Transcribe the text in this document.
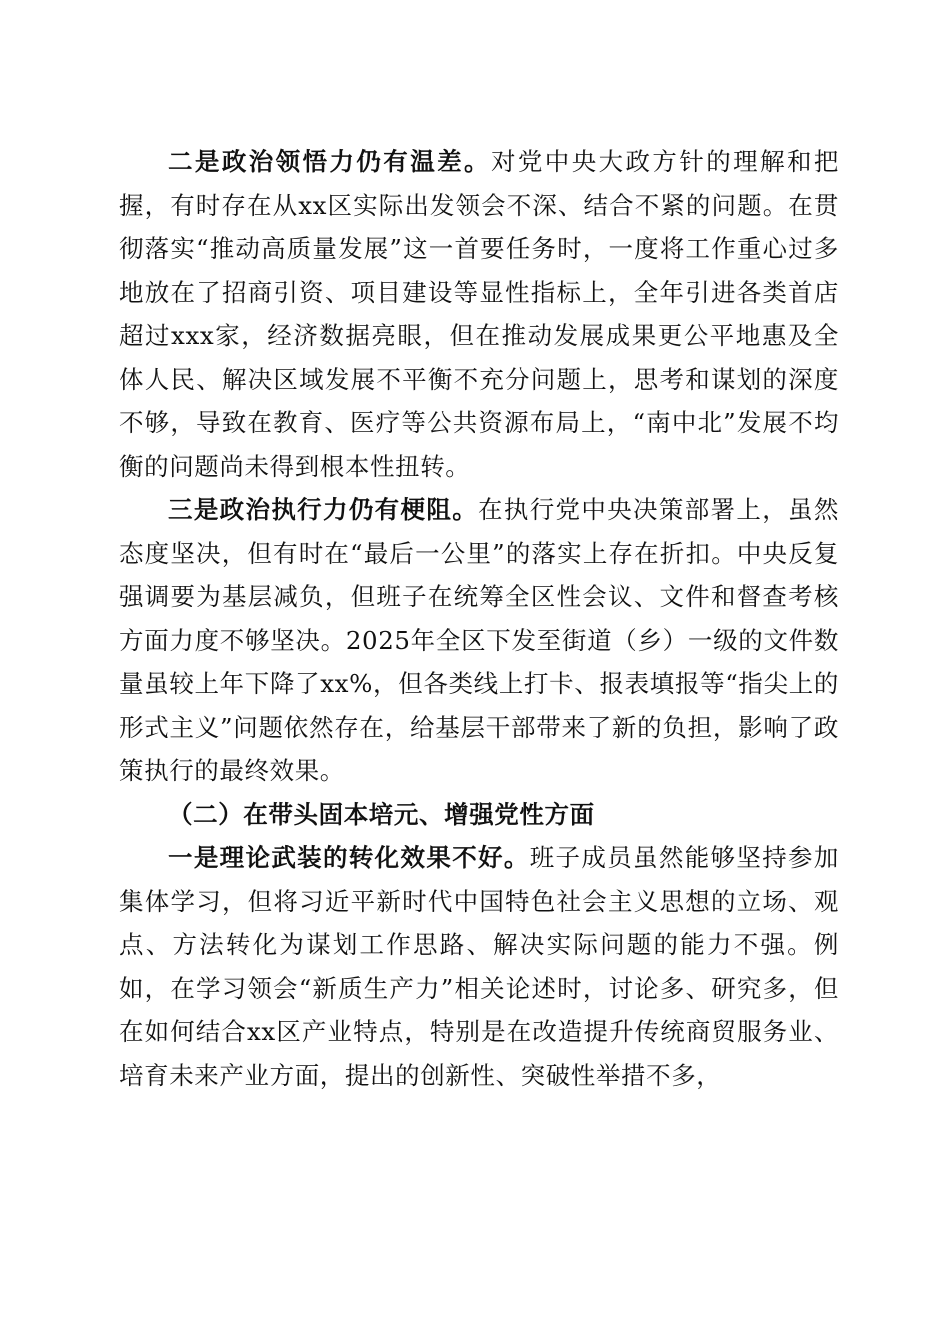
二是政治领悟力仍有温差。对党中央大政方针的理解和把握，有时存在从xx区实际出发领会不深、结合不紧的问题。在贯彻落实“推动高质量发展”这一首要任务时，一度将工作重心过多地放在了招商引资、项目建设等显性指标上，全年引进各类首店超过xxx家，经济数据亮眼，但在推动发展成果更公平地惠及全体人民、解决区域发展不平衡不充分问题上，思考和谋划的深度不够，导致在教育、医疗等公共资源布局上，“南中北”发展不均衡的问题尚未得到根本性扭转。

三是政治执行力仍有梗阻。在执行党中央决策部署上，虽然态度坚决，但有时在“最后一公里”的落实上存在折扣。中央反复强调要为基层减负，但班子在统筹全区性会议、文件和督查考核方面力度不够坚决。2025年全区下发至街道（乡）一级的文件数量虽较上年下降了xx%，但各类线上打卡、报表填报等“指尖上的形式主义”问题依然存在，给基层干部带来了新的负担，影响了政策执行的最终效果。

（二）在带头固本培元、增强党性方面

一是理论武装的转化效果不好。班子成员虽然能够坚持参加集体学习，但将习近平新时代中国特色社会主义思想的立场、观点、方法转化为谋划工作思路、解决实际问题的能力不强。例如，在学习领会“新质生产力”相关论述时，讨论多、研究多，但在如何结合xx区产业特点，特别是在改造提升传统商贸服务业、培育未来产业方面，提出的创新性、突破性举措不多，
